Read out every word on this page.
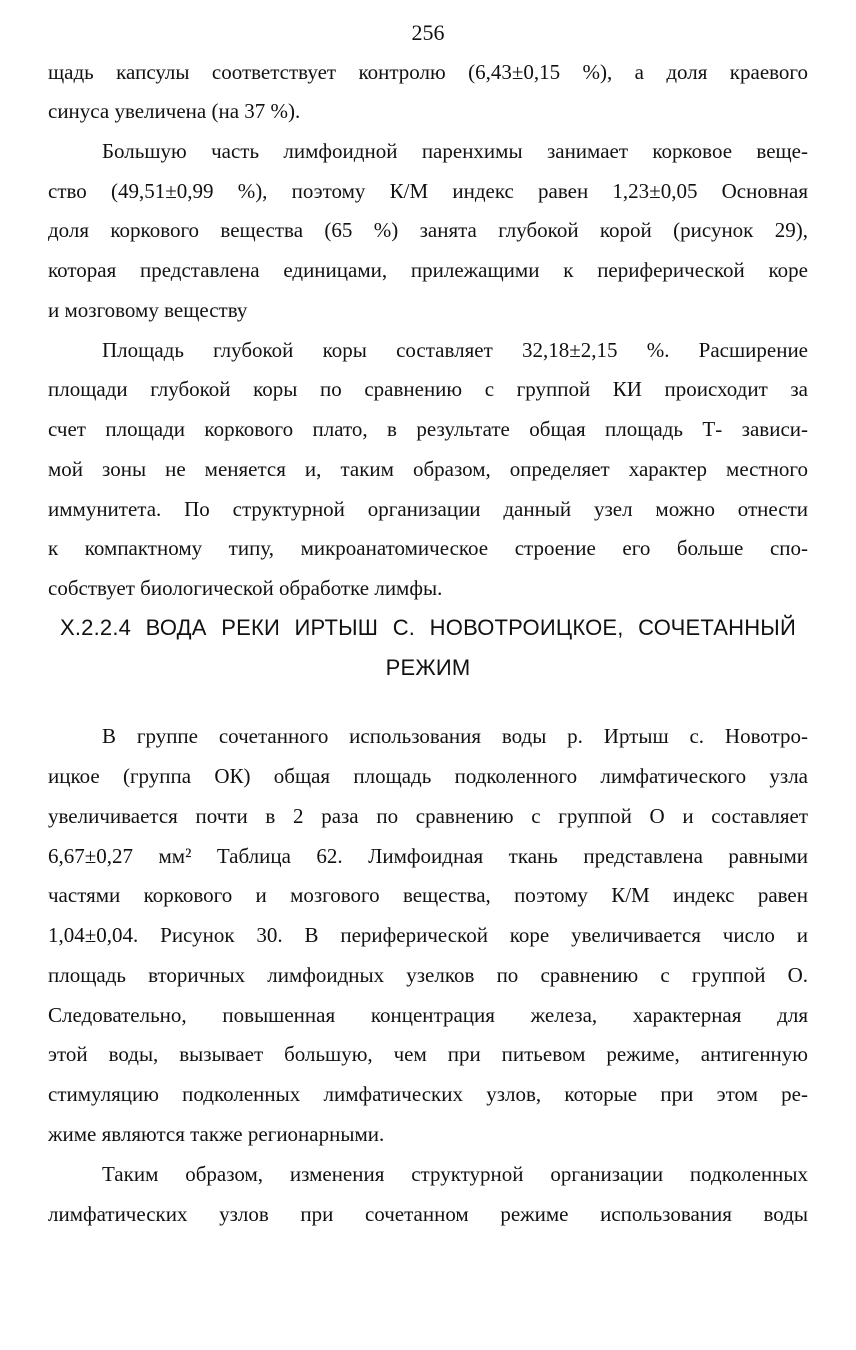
256
щадь капсулы соответствует контролю (6,43±0,15 %), а доля краевого
синуса увеличена (на 37 %).
Большую часть лимфоидной паренхимы занимает корковое веще-
ство (49,51±0,99 %), поэтому К/М индекс равен 1,23±0,05 Основная
доля коркового вещества (65 %) занята глубокой корой (рисунок 29),
которая представлена единицами, прилежащими к периферической коре
и мозговому веществу
Площадь глубокой коры составляет 32,18±2,15 %. Расширение
площади глубокой коры по сравнению с группой КИ происходит за
счет площади коркового плато, в результате общая площадь Т- зависи-
мой зоны не меняется и, таким образом, определяет характер местного
иммунитета. По структурной организации данный узел можно отнести
к компактному типу, микроанатомическое строение его больше спо-
собствует биологической обработке лимфы.
X.2.2.4 ВОДА РЕКИ ИРТЫШ С. НОВОТРОИЦКОЕ, СОЧЕТАННЫЙ
РЕЖИМ
В группе сочетанного использования воды р. Иртыш с. Новотро-
ицкое (группа ОК) общая площадь подколенного лимфатического узла
увеличивается почти в 2 раза по сравнению с группой О и составляет
6,67±0,27 мм² Таблица 62. Лимфоидная ткань представлена равными
частями коркового и мозгового вещества, поэтому К/М индекс равен
1,04±0,04. Рисунок 30. В периферической коре увеличивается число и
площадь вторичных лимфоидных узелков по сравнению с группой О.
Следовательно, повышенная концентрация железа, характерная для
этой воды, вызывает большую, чем при питьевом режиме, антигенную
стимуляцию подколенных лимфатических узлов, которые при этом ре-
жиме являются также регионарными.
Таким образом, изменения структурной организации подколенных
лимфатических узлов при сочетанном режиме использования воды
